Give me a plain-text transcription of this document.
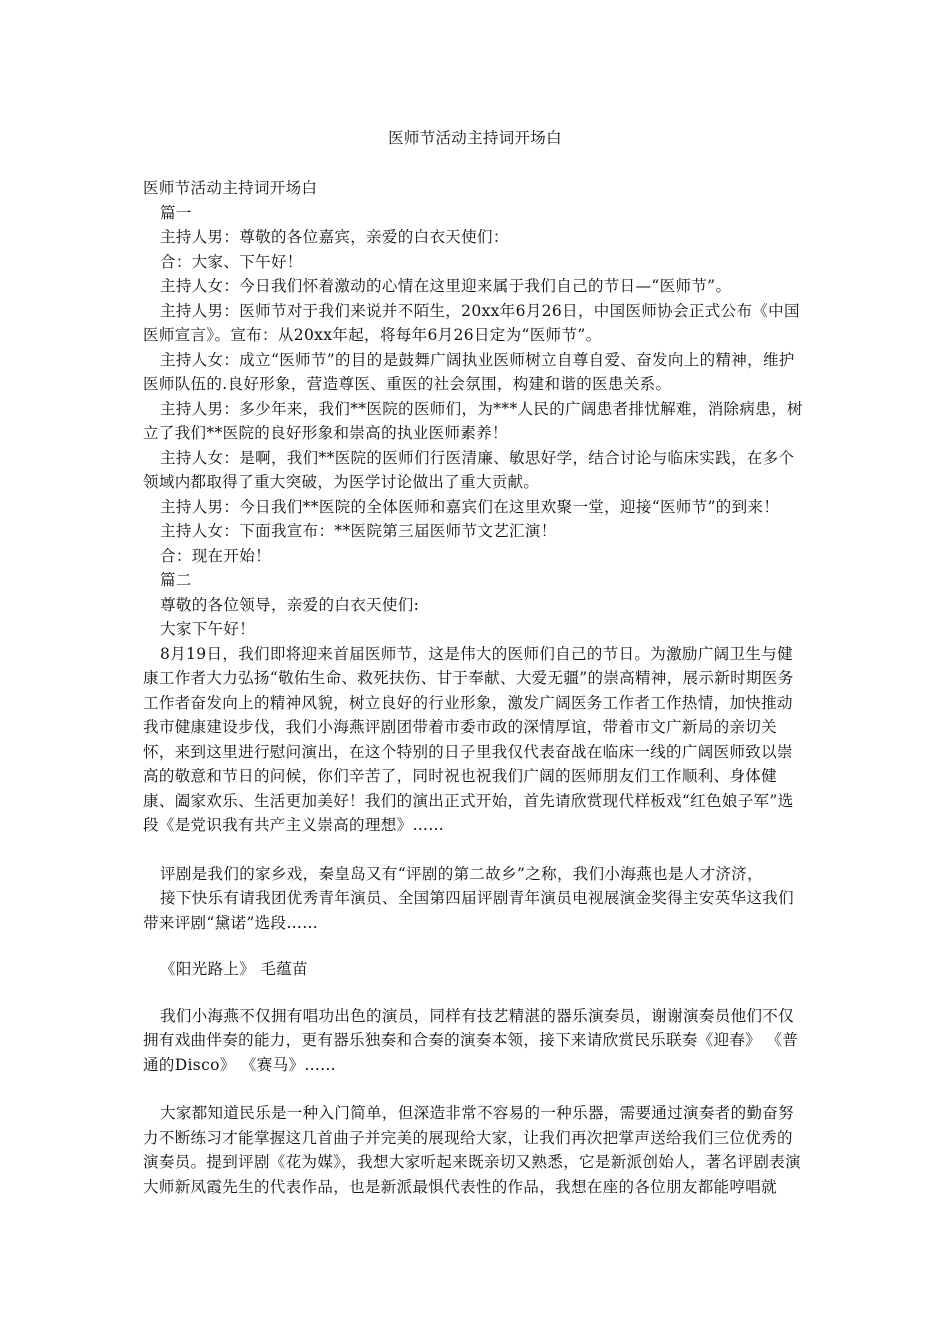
医师节活动主持词开场白

医师节活动主持词开场白

篇一

主持人男：尊敬的各位嘉宾，亲爱的白衣天使们：

合：大家、下午好！

主持人女：今日我们怀着激动的心情在这里迎来属于我们自己的节日—“医师节”。

主持人男：医师节对于我们来说并不陌生，20xx年6月26日，中国医师协会正式公布《中国医师宣言》。宣布：从20xx年起，将每年6月26日定为“医师节”。

主持人女：成立“医师节”的目的是鼓舞广阔执业医师树立自尊自爱、奋发向上的精神，维护医师队伍的.良好形象，营造尊医、重医的社会氛围，构建和谐的医患关系。

主持人男：多少年来，我们**医院的医师们，为***人民的广阔患者排忧解难，消除病患，树立了我们**医院的良好形象和崇高的执业医师素养！

主持人女：是啊，我们**医院的医师们行医清廉、敏思好学，结合讨论与临床实践，在多个领域内都取得了重大突破，为医学讨论做出了重大贡献。

主持人男：今日我们**医院的全体医师和嘉宾们在这里欢聚一堂，迎接“医师节”的到来！

主持人女：下面我宣布：**医院第三届医师节文艺汇演！

合：现在开始！

篇二

尊敬的各位领导，亲爱的白衣天使们:

大家下午好！

8月19日，我们即将迎来首届医师节，这是伟大的医师们自己的节日。为激励广阔卫生与健康工作者大力弘扬“敬佑生命、救死扶伤、甘于奉献、大爱无疆”的崇高精神，展示新时期医务工作者奋发向上的精神风貌，树立良好的行业形象，激发广阔医务工作者工作热情，加快推动我市健康建设步伐，我们小海燕评剧团带着市委市政的深情厚谊，带着市文广新局的亲切关怀，来到这里进行慰问演出，在这个特别的日子里我仅代表奋战在临床一线的广阔医师致以崇高的敬意和节日的问候，你们辛苦了，同时祝也祝我们广阔的医师朋友们工作顺利、身体健康、阖家欢乐、生活更加美好！我们的演出正式开始，首先请欣赏现代样板戏“红色娘子军”选段《是党识我有共产主义崇高的理想》……

评剧是我们的家乡戏，秦皇岛又有“评剧的第二故乡”之称，我们小海燕也是人才济济，

接下快乐有请我团优秀青年演员、全国第四届评剧青年演员电视展演金奖得主安英华这我们带来评剧“黛诺”选段……

《阳光路上》 毛蕴苗

我们小海燕不仅拥有唱功出色的演员，同样有技艺精湛的器乐演奏员，谢谢演奏员他们不仅拥有戏曲伴奏的能力，更有器乐独奏和合奏的演奏本领，接下来请欣赏民乐联奏《迎春》 《普通的Disco》 《赛马》……

大家都知道民乐是一种入门简单，但深造非常不容易的一种乐器，需要通过演奏者的勤奋努力不断练习才能掌握这几首曲子并完美的展现给大家，让我们再次把掌声送给我们三位优秀的演奏员。提到评剧《花为媒》，我想大家听起来既亲切又熟悉，它是新派创始人，著名评剧表演大师新凤霞先生的代表作品，也是新派最惧代表性的作品，我想在座的各位朋友都能哼唱就
